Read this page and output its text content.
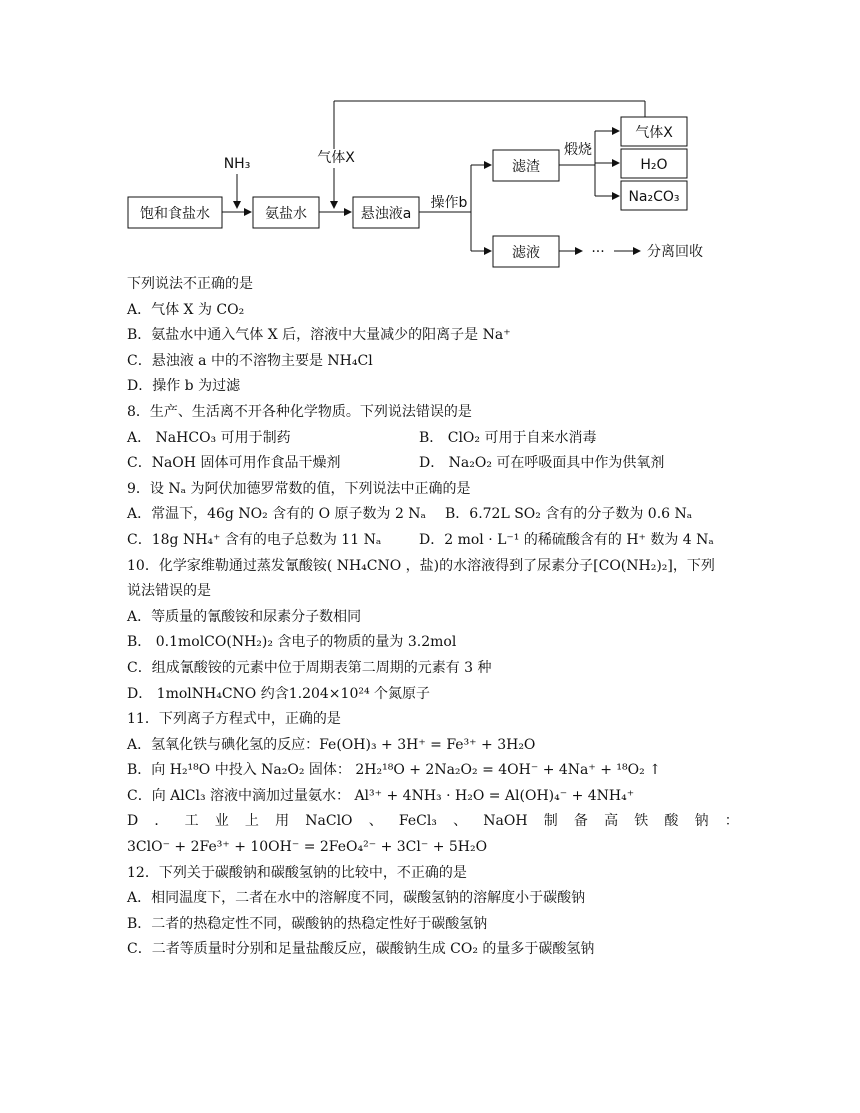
饱和食盐水	氨盐水	悬浊液a
滤渣
滤液
气体X
H₂O
Na₂CO₃
NH₃	气体X
操作b
煅烧
···	分离回收
下列说法不正确的是
A．气体 X 为 CO₂
B．氨盐水中通入气体 X 后，溶液中大量减少的阳离子是 Na⁺
C．悬浊液 a 中的不溶物主要是 NH₄Cl
D．操作 b 为过滤
8．生产、生活离不开各种化学物质。下列说法错误的是
A． NaHCO₃ 可用于制药	B． ClO₂ 可用于自来水消毒
C．NaOH 固体可用作食品干燥剂	D． Na₂O₂ 可在呼吸面具中作为供氧剂
9．设 Nₐ 为阿伏加德罗常数的值，下列说法中正确的是
A．常温下，46g NO₂ 含有的 O 原子数为 2 Nₐ	B．6.72L SO₂ 含有的分子数为 0.6 Nₐ
C．18g NH₄⁺ 含有的电子总数为 11 Nₐ	D．2 mol · L⁻¹ 的稀硫酸含有的 H⁺ 数为 4 Nₐ
10．化学家维勒通过蒸发氰酸铵( NH₄CNO ，盐)的水溶液得到了尿素分子[CO(NH₂)₂]，下列
说法错误的是
A．等质量的氰酸铵和尿素分子数相同
B． 0.1molCO(NH₂)₂ 含电子的物质的量为 3.2mol
C．组成氰酸铵的元素中位于周期表第二周期的元素有 3 种
D． 1molNH₄CNO 约含1.204×10²⁴ 个氮原子
11．下列离子方程式中，正确的是
A．氢氧化铁与碘化氢的反应：Fe(OH)₃ + 3H⁺ = Fe³⁺ + 3H₂O
B．向 H₂¹⁸O 中投入 Na₂O₂ 固体： 2H₂¹⁸O + 2Na₂O₂ = 4OH⁻ + 4Na⁺ + ¹⁸O₂ ↑
C．向 AlCl₃ 溶液中滴加过量氨水： Al³⁺ + 4NH₃ · H₂O = Al(OH)₄⁻ + 4NH₄⁺
D ． 工 业 上 用 NaClO 、 FeCl₃ 、 NaOH 制 备 高 铁 酸 钠 ：
3ClO⁻ + 2Fe³⁺ + 10OH⁻ = 2FeO₄²⁻ + 3Cl⁻ + 5H₂O
12．下列关于碳酸钠和碳酸氢钠的比较中，不正确的是
A．相同温度下，二者在水中的溶解度不同，碳酸氢钠的溶解度小于碳酸钠
B．二者的热稳定性不同，碳酸钠的热稳定性好于碳酸氢钠
C．二者等质量时分别和足量盐酸反应，碳酸钠生成 CO₂ 的量多于碳酸氢钠
